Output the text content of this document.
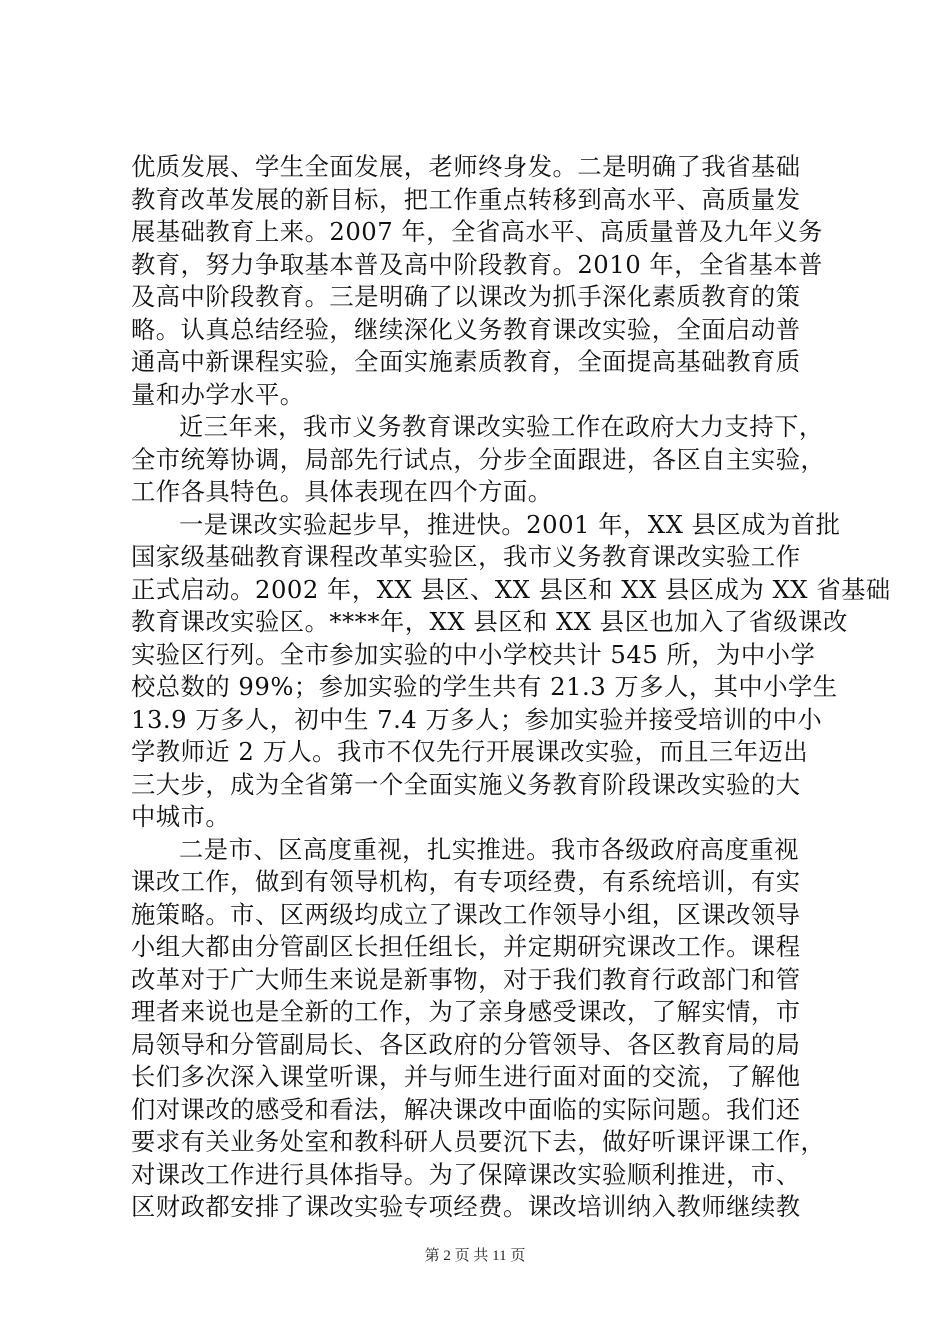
优质发展、学生全面发展，老师终身发。二是明确了我省基础
教育改革发展的新目标，把工作重点转移到高水平、高质量发
展基础教育上来。2007 年，全省高水平、高质量普及九年义务
教育，努力争取基本普及高中阶段教育。2010 年，全省基本普
及高中阶段教育。三是明确了以课改为抓手深化素质教育的策
略。认真总结经验，继续深化义务教育课改实验，全面启动普
通高中新课程实验，全面实施素质教育，全面提高基础教育质
量和办学水平。
近三年来，我市义务教育课改实验工作在政府大力支持下，
全市统筹协调，局部先行试点，分步全面跟进，各区自主实验，
工作各具特色。具体表现在四个方面。
一是课改实验起步早，推进快。2001 年，XX 县区成为首批
国家级基础教育课程改革实验区，我市义务教育课改实验工作
正式启动。2002 年，XX 县区、XX 县区和 XX 县区成为 XX 省基础
教育课改实验区。****年，XX 县区和 XX 县区也加入了省级课改
实验区行列。全市参加实验的中小学校共计 545 所，为中小学
校总数的 99%；参加实验的学生共有 21.3 万多人，其中小学生
13.9 万多人，初中生 7.4 万多人；参加实验并接受培训的中小
学教师近 2 万人。我市不仅先行开展课改实验，而且三年迈出
三大步，成为全省第一个全面实施义务教育阶段课改实验的大
中城市。
二是市、区高度重视，扎实推进。我市各级政府高度重视
课改工作，做到有领导机构，有专项经费，有系统培训，有实
施策略。市、区两级均成立了课改工作领导小组，区课改领导
小组大都由分管副区长担任组长，并定期研究课改工作。课程
改革对于广大师生来说是新事物，对于我们教育行政部门和管
理者来说也是全新的工作，为了亲身感受课改，了解实情，市
局领导和分管副局长、各区政府的分管领导、各区教育局的局
长们多次深入课堂听课，并与师生进行面对面的交流，了解他
们对课改的感受和看法，解决课改中面临的实际问题。我们还
要求有关业务处室和教科研人员要沉下去，做好听课评课工作，
对课改工作进行具体指导。为了保障课改实验顺利推进，市、
区财政都安排了课改实验专项经费。课改培训纳入教师继续教
第 2 页 共 11 页
